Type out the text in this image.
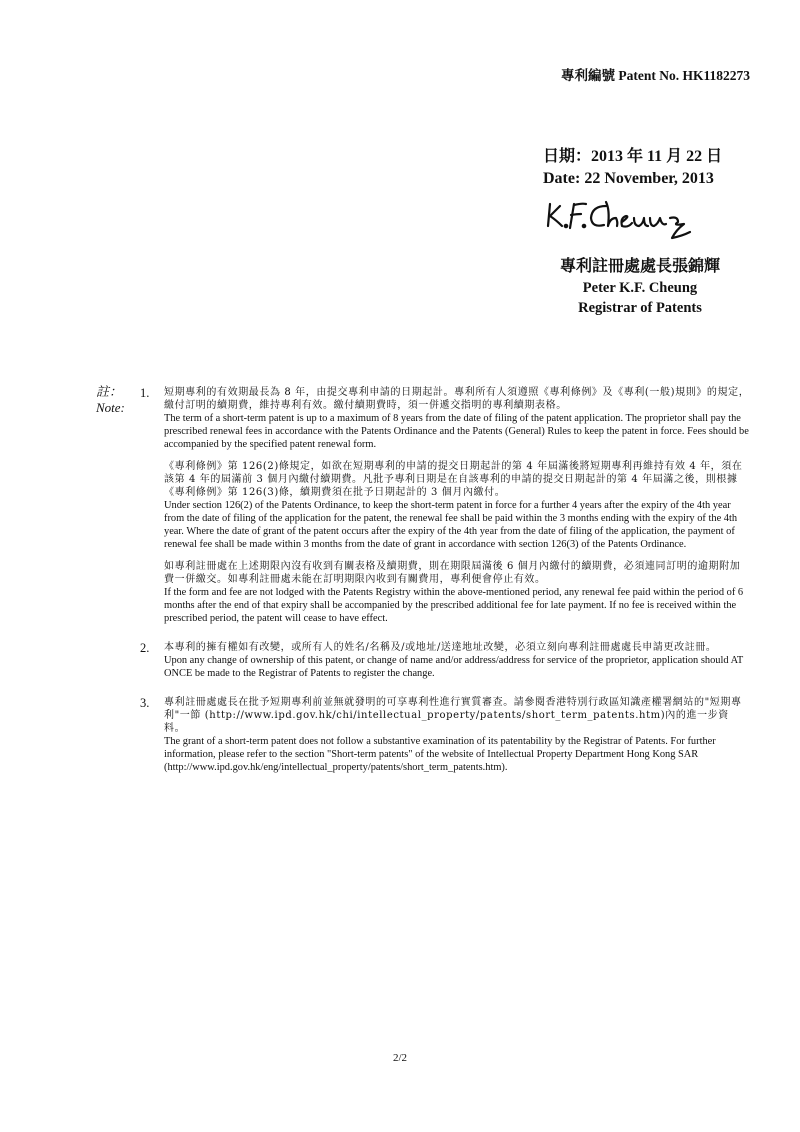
專利編號 Patent No. HK1182273
日期：2013 年 11 月 22 日
Date: 22 November, 2013
專利註冊處處長張錦輝
Peter K.F. Cheung
Registrar of Patents
註：
Note:
1. 短期專利的有效期最長為 8 年，由提交專利申請的日期起計。專利所有人須遵照《專利條例》及《專利(一般)規則》的規定，繳付訂明的續期費，維持專利有效。繳付續期費時，須一併遞交指明的專利續期表格。

The term of a short-term patent is up to a maximum of 8 years from the date of filing of the patent application. The proprietor shall pay the prescribed renewal fees in accordance with the Patents Ordinance and the Patents (General) Rules to keep the patent in force. Fees should be accompanied by the specified patent renewal form.

《專利條例》第 126(2)條規定，如欲在短期專利的申請的提交日期起計的第 4 年屆滿後將短期專利再維持有效 4 年，須在該第 4 年的屆滿前 3 個月內繳付續期費。凡批予專利日期是在自該專利的申請的提交日期起計的第 4 年屆滿之後，則根據《專利條例》第 126(3)條，續期費須在批予日期起計的 3 個月內繳付。

Under section 126(2) of the Patents Ordinance, to keep the short-term patent in force for a further 4 years after the expiry of the 4th year from the date of filing of the application for the patent, the renewal fee shall be paid within the 3 months ending with the expiry of the 4th year. Where the date of grant of the patent occurs after the expiry of the 4th year from the date of filing of the application, the payment of renewal fee shall be made within 3 months from the date of grant in accordance with section 126(3) of the Patents Ordinance.

如專利註冊處在上述期限內沒有收到有關表格及續期費，則在期限屆滿後 6 個月內繳付的續期費，必須連同訂明的逾期附加費一併繳交。如專利註冊處未能在訂明期限內收到有關費用，專利便會停止有效。

If the form and fee are not lodged with the Patents Registry within the above-mentioned period, any renewal fee paid within the period of 6 months after the end of that expiry shall be accompanied by the prescribed additional fee for late payment. If no fee is received within the prescribed period, the patent will cease to have effect.

2. 本專利的擁有權如有改變，或所有人的姓名/名稱及/或地址/送達地址改變，必須立刻向專利註冊處處長申請更改註冊。

Upon any change of ownership of this patent, or change of name and/or address/address for service of the proprietor, application should AT ONCE be made to the Registrar of Patents to register the change.

3. 專利註冊處處長在批予短期專利前並無就發明的可享專利性進行實質審查。請參閱香港特別行政區知識產權署網站的"短期專利"一節 (http://www.ipd.gov.hk/chi/intellectual_property/patents/short_term_patents.htm)內的進一步資料。

The grant of a short-term patent does not follow a substantive examination of its patentability by the Registrar of Patents. For further information, please refer to the section "Short-term patents" of the website of Intellectual Property Department Hong Kong SAR (http://www.ipd.gov.hk/eng/intellectual_property/patents/short_term_patents.htm).

2/2
